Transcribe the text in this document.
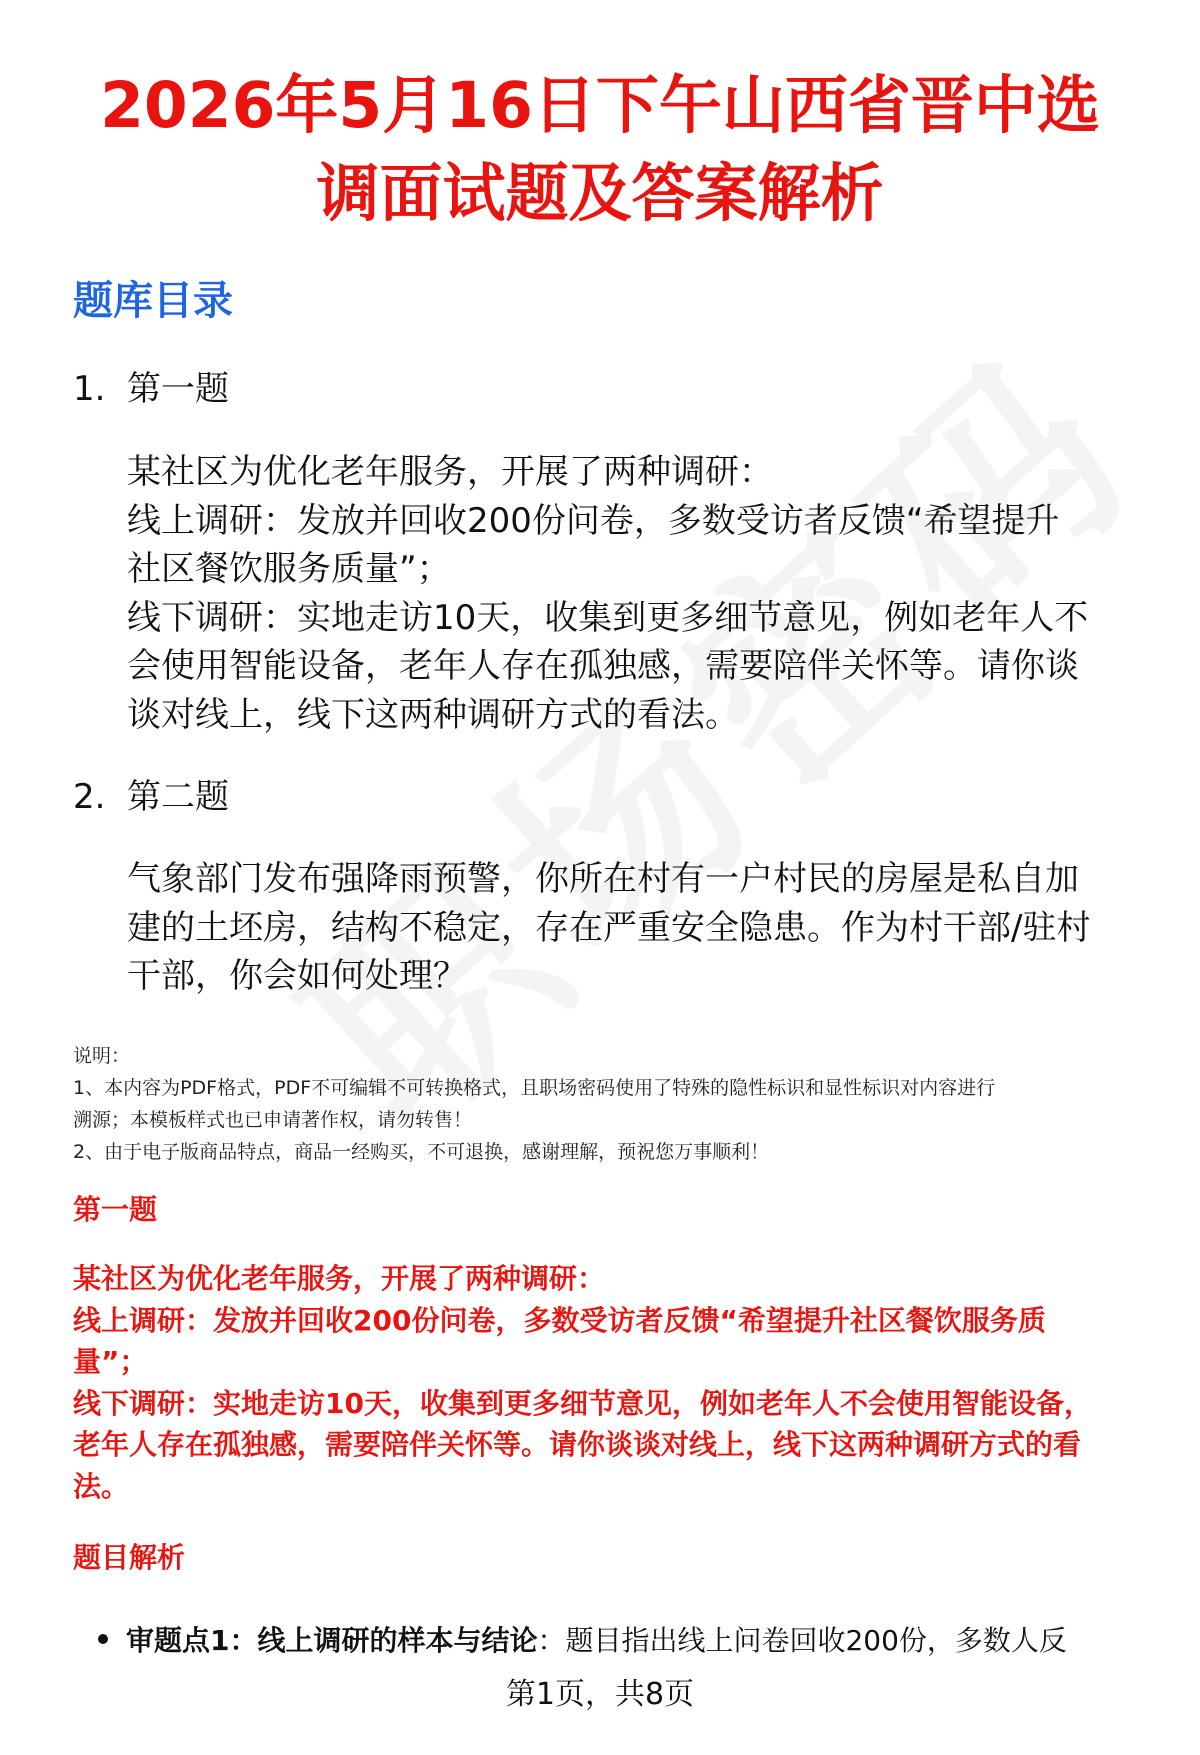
2026年5月16日下午山西省晋中选
调面试题及答案解析
题库目录
1. 第一题
某社区为优化老年服务，开展了两种调研：
线上调研：发放并回收200份问卷，多数受访者反馈“希望提升
社区餐饮服务质量”；
线下调研：实地走访10天，收集到更多细节意见，例如老年人不
会使用智能设备，老年人存在孤独感，需要陪伴关怀等。请你谈
谈对线上，线下这两种调研方式的看法。
2. 第二题
气象部门发布强降雨预警，你所在村有一户村民的房屋是私自加
建的土坯房，结构不稳定，存在严重安全隐患。作为村干部/驻村
干部，你会如何处理？
说明：
1、本内容为PDF格式，PDF不可编辑不可转换格式，且职场密码使用了特殊的隐性标识和显性标识对内容进行
溯源；本模板样式也已申请著作权，请勿转售！
2、由于电子版商品特点，商品一经购买，不可退换，感谢理解，预祝您万事顺利！
第一题
某社区为优化老年服务，开展了两种调研：
线上调研：发放并回收200份问卷，多数受访者反馈“希望提升社区餐饮服务质
量”；
线下调研：实地走访10天，收集到更多细节意见，例如老年人不会使用智能设备，
老年人存在孤独感，需要陪伴关怀等。请你谈谈对线上，线下这两种调研方式的看
法。
题目解析
审题点1：线上调研的样本与结论：题目指出线上问卷回收200份，多数人反
第1页，共8页
